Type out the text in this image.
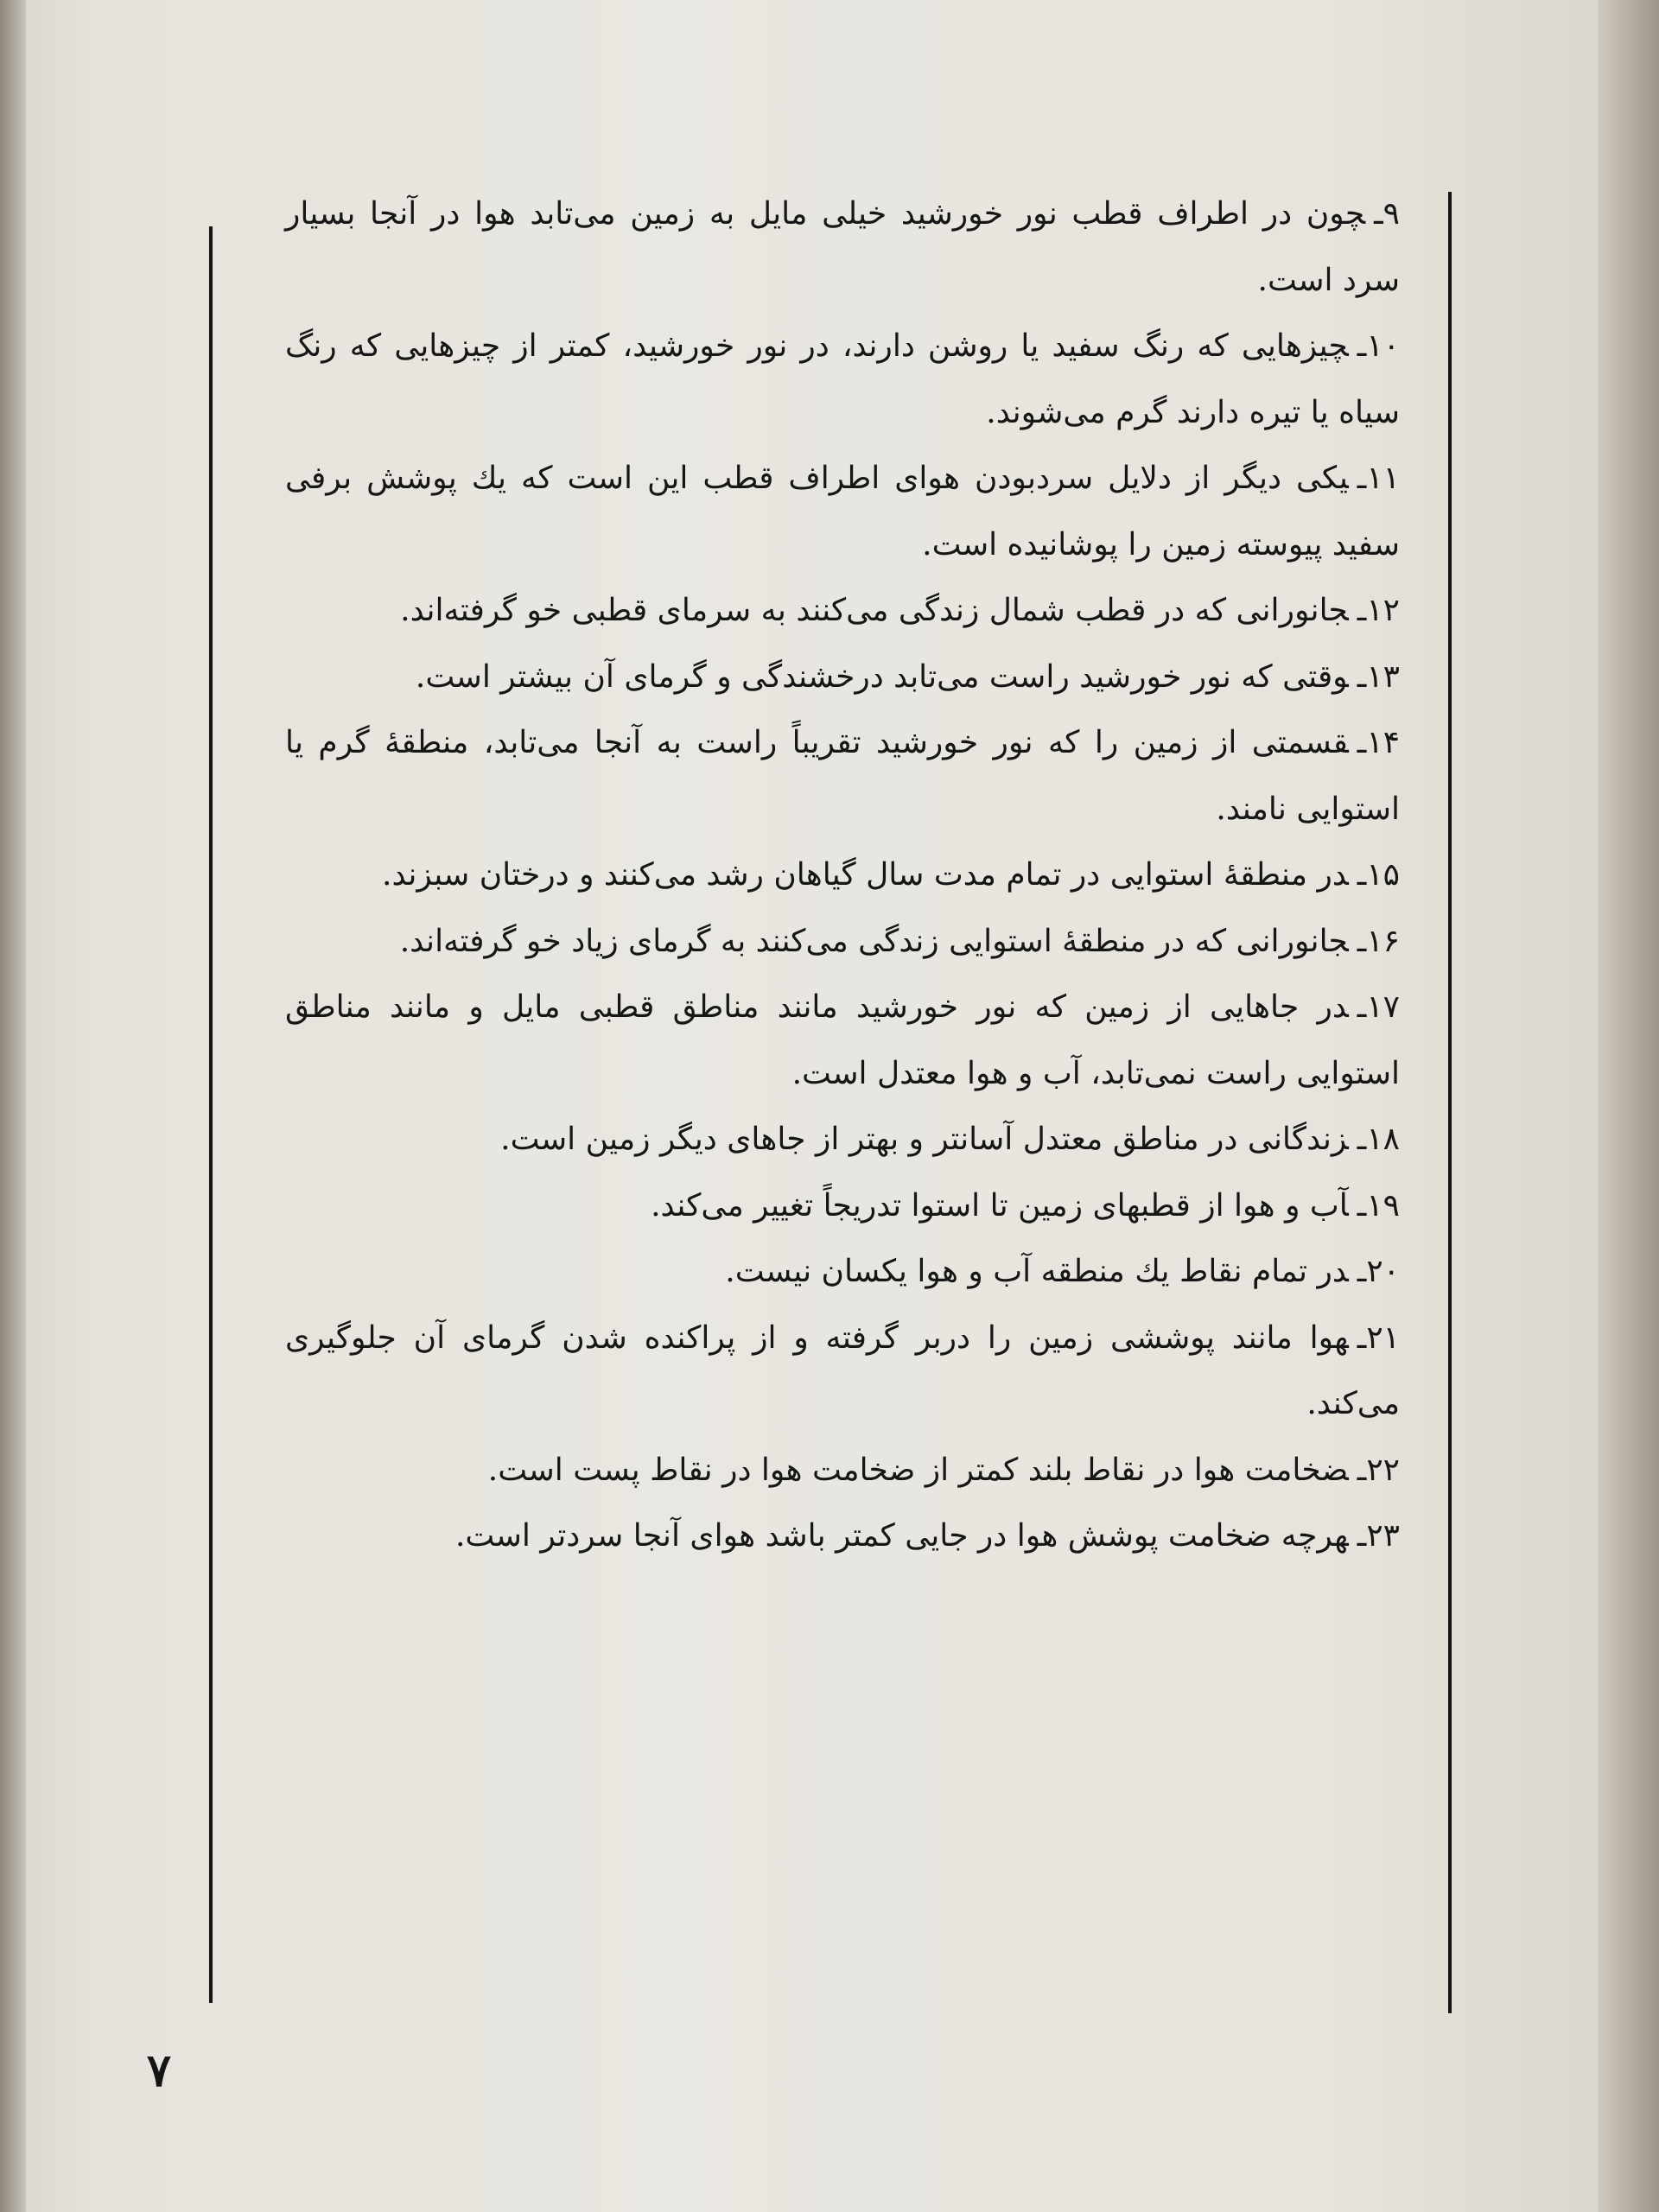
۹ـچون در اطراف قطب نور خورشید خیلی مایل به زمین می‌تابد هوا در آنجا بسیار سرد است.

۱۰ـچیزهایی که رنگ سفید یا روشن دارند، در نور خورشید، کمتر از چیزهایی که رنگ سیاه یا تیره دارند گرم می‌شوند.

۱۱ـیکی دیگر از دلایل سردبودن هوای اطراف قطب این است که یك پوشش برفی سفید پیوسته زمین را پوشانیده است.

۱۲ـجانورانی که در قطب شمال زندگی می‌کنند به سرمای قطبی خو گرفته‌اند.

۱۳ـوقتی که نور خورشید راست می‌تابد درخشندگی و گرمای آن بیشتر است.

۱۴ـقسمتی از زمین را که نور خورشید تقریباً راست به آنجا می‌تابد، منطقهٔ گرم یا استوایی نامند.

۱۵ـدر منطقهٔ استوایی در تمام مدت سال گیاهان رشد می‌کنند و درختان سبزند.

۱۶ـجانورانی که در منطقهٔ استوایی زندگی می‌کنند به گرمای زیاد خو گرفته‌اند.

۱۷ـدر جاهایی از زمین که نور خورشید مانند مناطق قطبی مایل و مانند مناطق استوایی راست نمی‌تابد، آب و هوا معتدل است.

۱۸ـزندگانی در مناطق معتدل آسانتر و بهتر از جاهای دیگر زمین است.

۱۹ـآب و هوا از قطبهای زمین تا استوا تدریجاً تغییر می‌کند.

۲۰ـدر تمام نقاط یك منطقه آب و هوا یکسان نیست.

۲۱ـهوا مانند پوششی زمین را دربر گرفته و از پراکنده شدن گرمای آن جلوگیری می‌کند.

۲۲ـضخامت هوا در نقاط بلند کمتر از ضخامت هوا در نقاط پست است.

۲۳ـهرچه ضخامت پوشش هوا در جایی کمتر باشد هوای آنجا سردتر است.

۷
